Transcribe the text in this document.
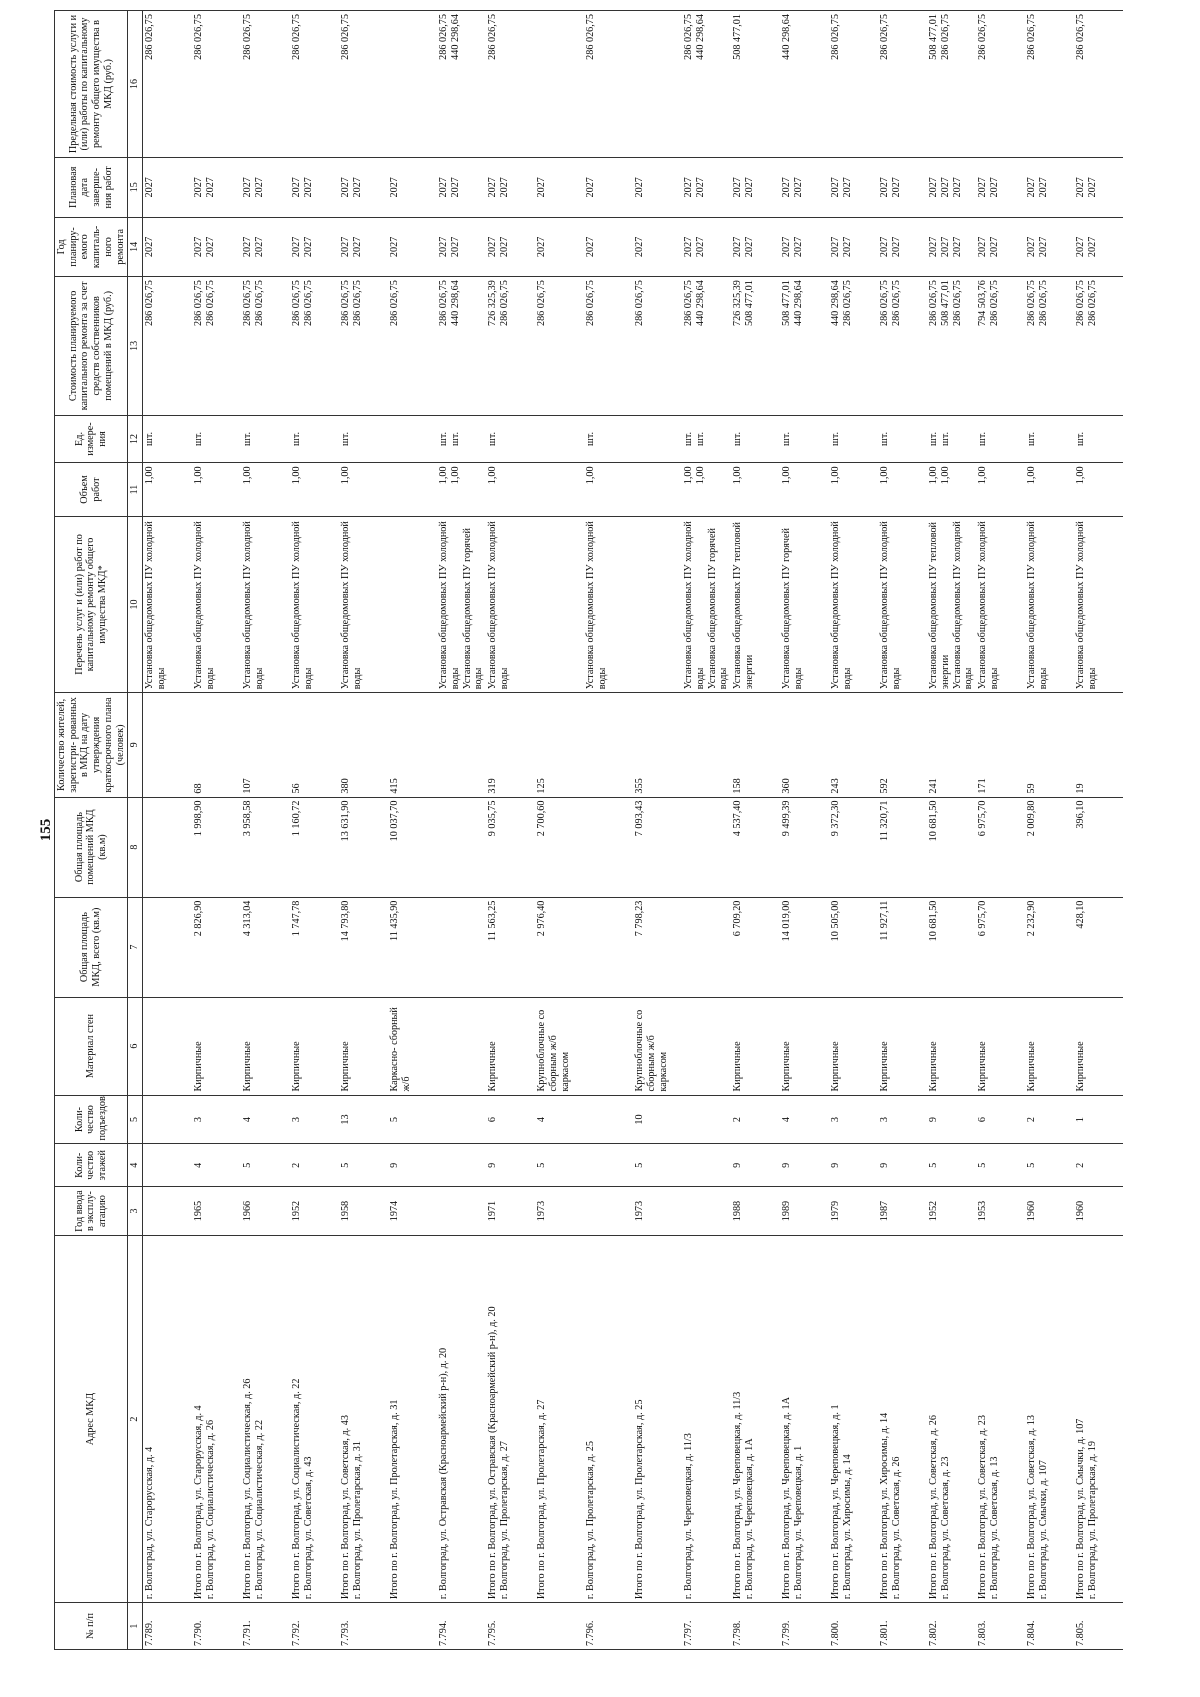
155
№ п/п	Адрес МКД	Год ввода в эксплу- атацию	Коли- чество этажей	Коли- чество подъездов	Материал стен	Общая площадь МКД, всего (кв.м)	Общая площадь помещений МКД (кв.м)	Количество жителей, зарегистри- рованных в МКД на дату утверждения краткосрочного плана (человек)	Перечень услуг и (или) работ по капитальному ремонту общего имущества МКД*	Объем работ	Ед. измере- ния	Стоимость планируемого капитального ремонта за счет средств собственников помещений в МКД (руб.)	Год планиру- емого капиталь- ного ремонта	Плановая дата заверше- ния работ	Предельная стоимость услуги и (или) работы по капитальному ремонту общего имущества в МКД (руб.)
1	2	3	4	5	6	7	8	9	10	11	12	13	14	15	16
7.789.	г. Волгоград, ул. Староруcская, д. 4								Установка общедомовых ПУ холодной воды	1,00	шт.	286 026,75	2027	2027	286 026,75

7.790.	Итого по г. Волгоград, ул. Староруcская, д. 4 г. Волгоград, ул. Социалистическая, д. 26	1965	4	3	Кирпичные	2 826,90	1 998,90	68	Установка общедомовых ПУ холодной воды	1,00	шт.	286 026,75 286 026,75	2027 2027	2027 2027	286 026,75

7.791.	Итого по г. Волгоград, ул. Социалистическая, д. 26 г. Волгоград, ул. Социалистическая, д. 22	1966	5	4	Кирпичные	4 313,04	3 958,58	107	Установка общедомовых ПУ холодной воды	1,00	шт.	286 026,75 286 026,75	2027 2027	2027 2027	286 026,75

7.792.	Итого по г. Волгоград, ул. Социалистическая, д. 22 г. Волгоград, ул. Советская, д. 43	1952	2	3	Кирпичные	1 747,78	1 160,72	56	Установка общедомовых ПУ холодной воды	1,00	шт.	286 026,75 286 026,75	2027 2027	2027 2027	286 026,75

7.793.	Итого по г. Волгоград, ул. Советская, д. 43 г. Волгоград, ул. Пролетарская, д. 31	1958	5	13	Кирпичные	14 793,80	13 631,90	380	Установка общедомовых ПУ холодной воды	1,00	шт.	286 026,75 286 026,75	2027 2027	2027 2027	286 026,75

	Итого по г. Волгоград, ул. Пролетарская, д. 31	1974	9	5	Каркасно- сборный ж/б	11 435,90	10 037,70	415				286 026,75	2027	2027	

7.794.	г. Волгоград, ул. Остравская (Красноармейский р-н), д. 20								Установка общедомовых ПУ холодной воды Установка общедомовых ПУ горячей воды	1,00 1,00	шт. шт.	286 026,75 440 298,64	2027 2027	2027 2027	286 026,75 440 298,64

7.795.	Итого по г. Волгоград, ул. Остравская (Красноармейский р-н), д. 20 г. Волгоград, ул. Пролетарская, д. 27	1971	9	6	Кирпичные	11 563,25	9 035,75	319	Установка общедомовых ПУ холодной воды	1,00	шт.	726 325,39 286 026,75	2027 2027	2027 2027	286 026,75

	Итого по г. Волгоград, ул. Пролетарская, д. 27	1973	5	4	Крупноблочные со сборным ж/б каркасом	2 976,40	2 700,60	125				286 026,75	2027	2027	

7.796.	г. Волгоград, ул. Пролетарская, д. 25								Установка общедомовых ПУ холодной воды	1,00	шт.	286 026,75	2027	2027	286 026,75

	Итого по г. Волгоград, ул. Пролетарская, д. 25	1973	5	10	Крупноблочные со сборным ж/б каркасом	7 798,23	7 093,43	355				286 026,75	2027	2027	

7.797.	г. Волгоград, ул. Череповецкая, д. 11/3								Установка общедомовых ПУ холодной воды Установка общедомовых ПУ горячей воды	1,00 1,00	шт. шт.	286 026,75 440 298,64	2027 2027	2027 2027	286 026,75 440 298,64

7.798.	Итого по г. Волгоград, ул. Череповецкая, д. 11/3 г. Волгоград, ул. Череповецкая, д. 1А	1988	9	2	Кирпичные	6 709,20	4 537,40	158	Установка общедомовых ПУ тепловой энергии	1,00	шт.	726 325,39 508 477,01	2027 2027	2027 2027	508 477,01

7.799.	Итого по г. Волгоград, ул. Череповецкая, д. 1А г. Волгоград, ул. Череповецкая, д. 1	1989	9	4	Кирпичные	14 019,00	9 499,39	360	Установка общедомовых ПУ горячей воды	1,00	шт.	508 477,01 440 298,64	2027 2027	2027 2027	440 298,64

7.800.	Итого по г. Волгоград, ул. Череповецкая, д. 1 г. Волгоград, ул. Хиросимы, д. 14	1979	9	3	Кирпичные	10 505,00	9 372,30	243	Установка общедомовых ПУ холодной воды	1,00	шт.	440 298,64 286 026,75	2027 2027	2027 2027	286 026,75

7.801.	Итого по г. Волгоград, ул. Хиросимы, д. 14 г. Волгоград, ул. Советская, д. 26	1987	9	3	Кирпичные	11 927,11	11 320,71	592	Установка общедомовых ПУ холодной воды	1,00	шт.	286 026,75 286 026,75	2027 2027	2027 2027	286 026,75

7.802.	Итого по г. Волгоград, ул. Советская, д. 26 г. Волгоград, ул. Советская, д. 23	1952	5	9	Кирпичные	10 681,50	10 681,50	241	Установка общедомовых ПУ тепловой энергии Установка общедомовых ПУ холодной воды	1,00 1,00	шт. шт.	286 026,75 508 477,01 286 026,75	2027 2027 2027	2027 2027 2027	508 477,01 286 026,75

7.803.	Итого по г. Волгоград, ул. Советская, д. 23 г. Волгоград, ул. Советская, д. 13	1953	5	6	Кирпичные	6 975,70	6 975,70	171	Установка общедомовых ПУ холодной воды	1,00	шт.	794 503,76 286 026,75	2027 2027	2027 2027	286 026,75

7.804.	Итого по г. Волгоград, ул. Советская, д. 13 г. Волгоград, ул. Смычки, д. 107	1960	5	2	Кирпичные	2 232,90	2 009,80	59	Установка общедомовых ПУ холодной воды	1,00	шт.	286 026,75 286 026,75	2027 2027	2027 2027	286 026,75

7.805.	Итого по г. Волгоград, ул. Смычки, д. 107 г. Волгоград, ул. Пролетарская, д. 19	1960	2	1	Кирпичные	428,10	396,10	19	Установка общедомовых ПУ холодной воды	1,00	шт.	286 026,75 286 026,75	2027 2027	2027 2027	286 026,75
